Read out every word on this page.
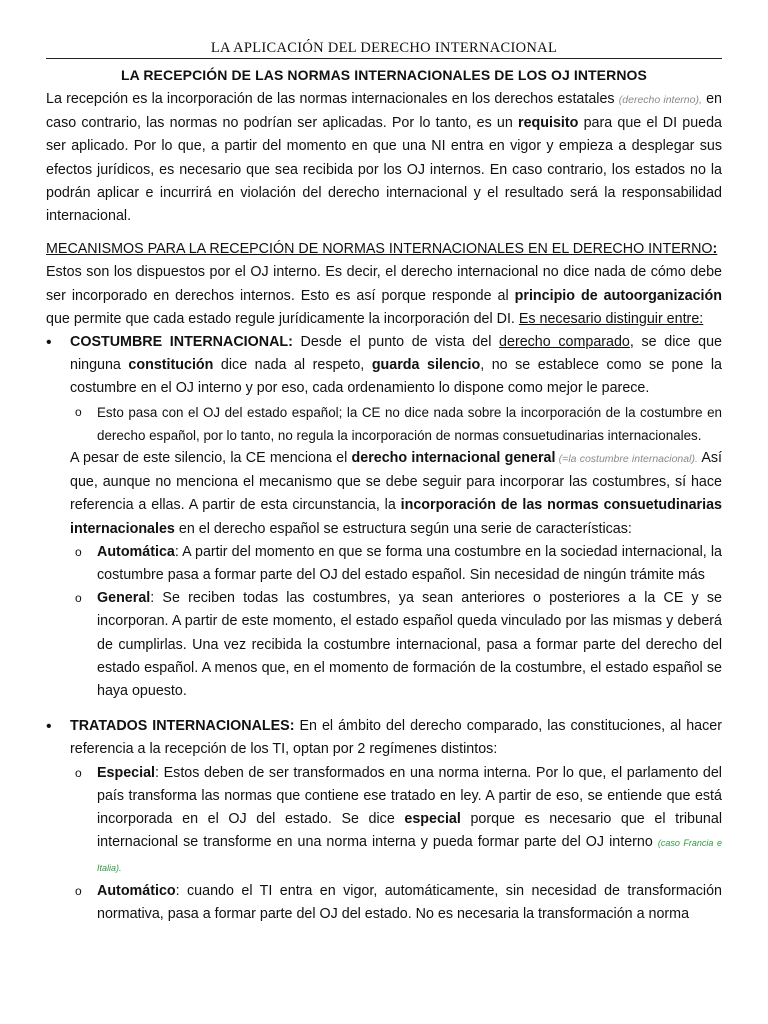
LA APLICACIÓN DEL DERECHO INTERNACIONAL
LA RECEPCIÓN DE LAS NORMAS INTERNACIONALES DE LOS OJ INTERNOS

La recepción es la incorporación de las normas internacionales en los derechos estatales (derecho interno), en caso contrario, las normas no podrían ser aplicadas. Por lo tanto, es un requisito para que el DI pueda ser aplicado. Por lo que, a partir del momento en que una NI entra en vigor y empieza a desplegar sus efectos jurídicos, es necesario que sea recibida por los OJ internos. En caso contrario, los estados no la podrán aplicar e incurrirá en violación del derecho internacional y el resultado será la responsabilidad internacional.

MECANISMOS PARA LA RECEPCIÓN DE NORMAS INTERNACIONALES EN EL DERECHO INTERNO:

Estos son los dispuestos por el OJ interno. Es decir, el derecho internacional no dice nada de cómo debe ser incorporado en derechos internos. Esto es así porque responde al principio de autoorganización que permite que cada estado regule jurídicamente la incorporación del DI. Es necesario distinguir entre:

•	COSTUMBRE INTERNACIONAL: Desde el punto de vista del derecho comparado, se dice que ninguna constitución dice nada al respeto, guarda silencio, no se establece como se pone la costumbre en el OJ interno y por eso, cada ordenamiento lo dispone como mejor le parece.

o	Esto pasa con el OJ del estado español; la CE no dice nada sobre la incorporación de la costumbre en derecho español, por lo tanto, no regula la incorporación de normas consuetudinarias internacionales.

A pesar de este silencio, la CE menciona el derecho internacional general (=la costumbre internacional). Así que, aunque no menciona el mecanismo que se debe seguir para incorporar las costumbres, sí hace referencia a ellas. A partir de esta circunstancia, la incorporación de las normas consuetudinarias internacionales en el derecho español se estructura según una serie de características:

o	Automática: A partir del momento en que se forma una costumbre en la sociedad internacional, la costumbre pasa a formar parte del OJ del estado español. Sin necesidad de ningún trámite más

o	General: Se reciben todas las costumbres, ya sean anteriores o posteriores a la CE y se incorporan. A partir de este momento, el estado español queda vinculado por las mismas y deberá de cumplirlas. Una vez recibida la costumbre internacional, pasa a formar parte del derecho del estado español. A menos que, en el momento de formación de la costumbre, el estado español se haya opuesto.

•	TRATADOS INTERNACIONALES: En el ámbito del derecho comparado, las constituciones, al hacer referencia a la recepción de los TI, optan por 2 regímenes distintos:

o	Especial: Estos deben de ser transformados en una norma interna. Por lo que, el parlamento del país transforma las normas que contiene ese tratado en ley. A partir de eso, se entiende que está incorporada en el OJ del estado. Se dice especial porque es necesario que el tribunal internacional se transforme en una norma interna y pueda formar parte del OJ interno (caso Francia e Italia).

o	Automático: cuando el TI entra en vigor, automáticamente, sin necesidad de transformación normativa, pasa a formar parte del OJ del estado. No es necesaria la transformación a norma
